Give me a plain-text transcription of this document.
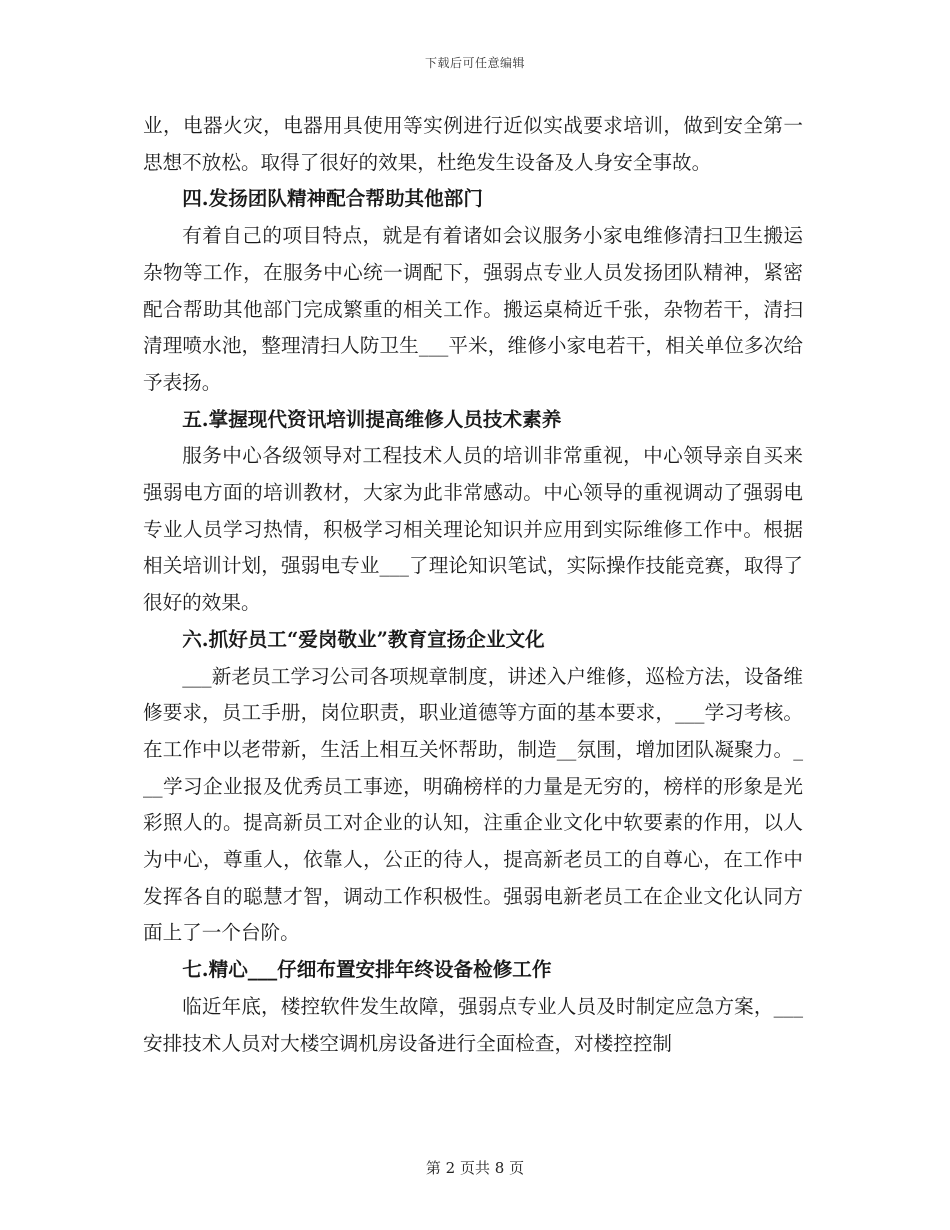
下载后可任意编辑

业，电器火灾，电器用具使用等实例进行近似实战要求培训，做到安全第一思想不放松。取得了很好的效果，杜绝发生设备及人身安全事故。

四.发扬团队精神配合帮助其他部门

有着自己的项目特点，就是有着诸如会议服务小家电维修清扫卫生搬运杂物等工作，在服务中心统一调配下，强弱点专业人员发扬团队精神，紧密配合帮助其他部门完成繁重的相关工作。搬运桌椅近千张，杂物若干，清扫清理喷水池，整理清扫人防卫生___平米，维修小家电若干，相关单位多次给予表扬。

五.掌握现代资讯培训提高维修人员技术素养

服务中心各级领导对工程技术人员的培训非常重视，中心领导亲自买来强弱电方面的培训教材，大家为此非常感动。中心领导的重视调动了强弱电专业人员学习热情，积极学习相关理论知识并应用到实际维修工作中。根据相关培训计划，强弱电专业___了理论知识笔试，实际操作技能竞赛，取得了很好的效果。

六.抓好员工“爱岗敬业”教育宣扬企业文化

___新老员工学习公司各项规章制度，讲述入户维修，巡检方法，设备维修要求，员工手册，岗位职责，职业道德等方面的基本要求，___学习考核。在工作中以老带新，生活上相互关怀帮助，制造__氛围，增加团队凝聚力。___学习企业报及优秀员工事迹，明确榜样的力量是无穷的，榜样的形象是光彩照人的。提高新员工对企业的认知，注重企业文化中软要素的作用，以人为中心，尊重人，依靠人，公正的待人，提高新老员工的自尊心，在工作中发挥各自的聪慧才智，调动工作积极性。强弱电新老员工在企业文化认同方面上了一个台阶。

七.精心___仔细布置安排年终设备检修工作

临近年底，楼控软件发生故障，强弱点专业人员及时制定应急方案，___安排技术人员对大楼空调机房设备进行全面检查，对楼控控制

第 2 页共 8 页
